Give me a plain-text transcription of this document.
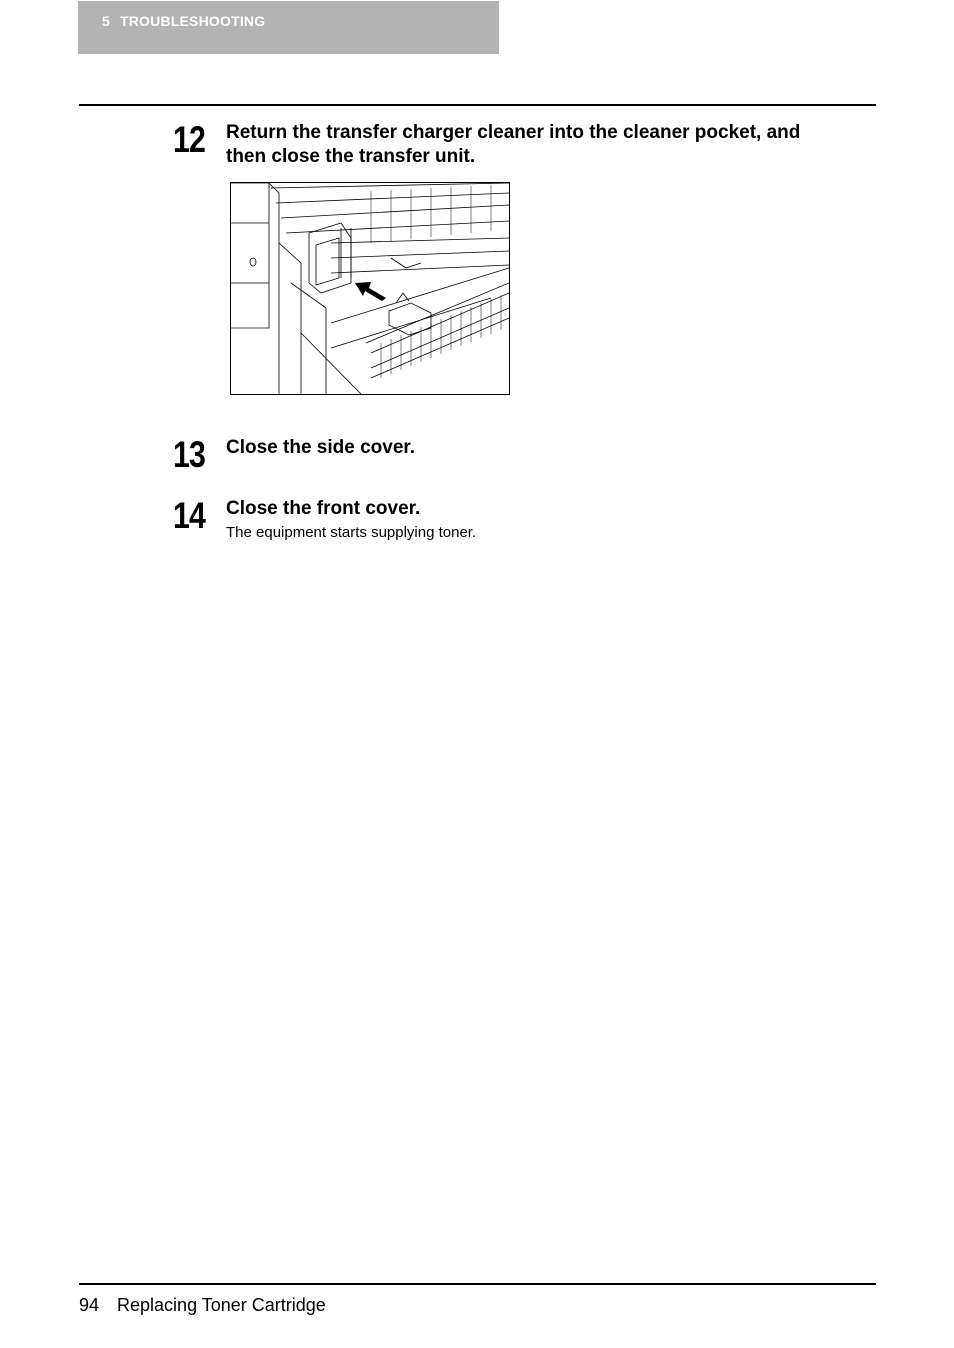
5 TROUBLESHOOTING
12 Return the transfer charger cleaner into the cleaner pocket, and
then close the transfer unit.
13 Close the side cover.
14 Close the front cover.
The equipment starts supplying toner.
94 Replacing Toner Cartridge
